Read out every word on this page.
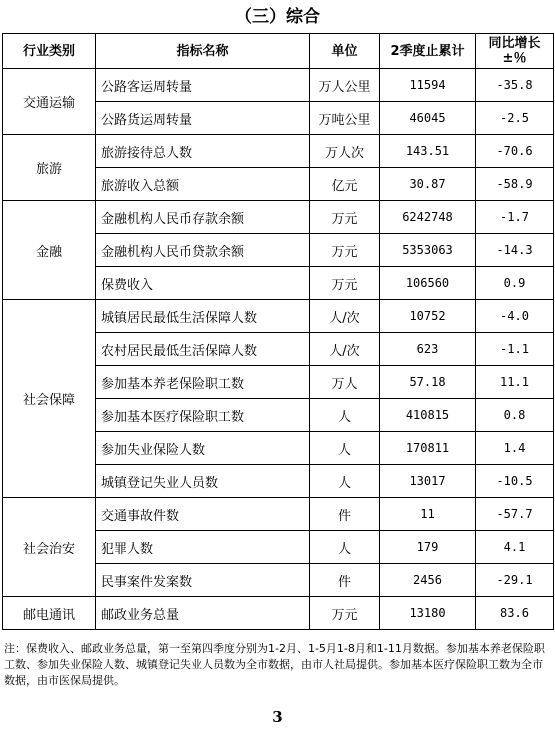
（三）综合
行业类别	指标名称	单位	2季度止累计	同比增长
±％

交通运输	公路客运周转量	万人公里	11594	-35.8
	公路货运周转量	万吨公里	46045	-2.5
旅游	旅游接待总人数	万人次	143.51	-70.6
	旅游收入总额	亿元	30.87	-58.9
金融	金融机构人民币存款余额	万元	6242748	-1.7
	金融机构人民币贷款余额	万元	5353063	-14.3
	保费收入	万元	106560	0.9
社会保障	城镇居民最低生活保障人数	人/次	10752	-4.0
	农村居民最低生活保障人数	人/次	623	-1.1
	参加基本养老保险职工数	万人	57.18	11.1
	参加基本医疗保险职工数	人	410815	0.8
	参加失业保险人数	人	170811	1.4
	城镇登记失业人员数	人	13017	-10.5
社会治安	交通事故件数	件	11	-57.7
	犯罪人数	人	179	4.1
	民事案件发案数	件	2456	-29.1
邮电通讯	邮政业务总量	万元	13180	83.6
注：保费收入、邮政业务总量，第一至第四季度分别为1-2月、1-5月1-8月和1-11月数据。参加基本养老保险职工数、参加失业保险人数、城镇登记失业人员数为全市数据，由市人社局提供。参加基本医疗保险职工数为全市数据，由市医保局提供。
3
